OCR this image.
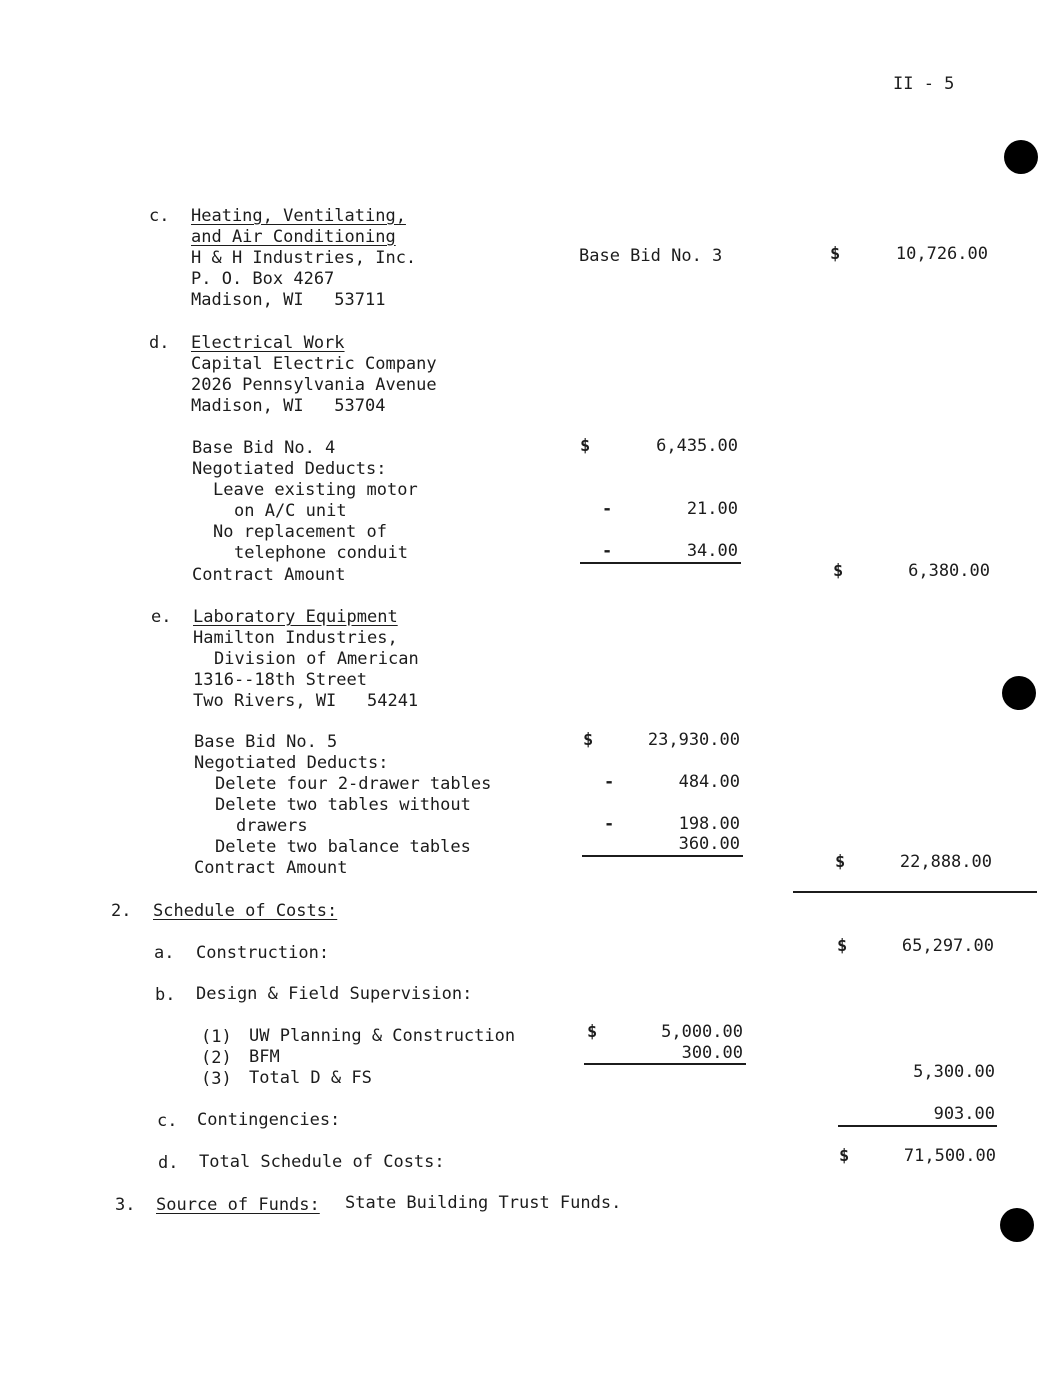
II - 5
c. Heating, Ventilating,
and Air Conditioning
H & H Industries, Inc.
P. O. Box 4267
Madison, WI   53711
Base Bid No. 3	$	10,726.00
d. Electrical Work
Capital Electric Company
2026 Pennsylvania Avenue
Madison, WI   53704
Base Bid No. 4	$	6,435.00
Negotiated Deducts:
Leave existing motor
on A/C unit	-	21.00
No replacement of
telephone conduit	-	34.00
Contract Amount	$	6,380.00
e. Laboratory Equipment
Hamilton Industries,
Division of American
1316--18th Street
Two Rivers, WI   54241
Base Bid No. 5	$	23,930.00
Negotiated Deducts:
Delete four 2-drawer tables	-	484.00
Delete two tables without
drawers	-	198.00
Delete two balance tables	360.00
Contract Amount	$	22,888.00
2. Schedule of Costs:
a. Construction:	$	65,297.00
b. Design & Field Supervision:
(1) UW Planning & Construction	$	5,000.00
(2) BFM	300.00
(3) Total D & FS	5,300.00
c. Contingencies:	903.00
d. Total Schedule of Costs:	$	71,500.00
3. Source of Funds: State Building Trust Funds.
